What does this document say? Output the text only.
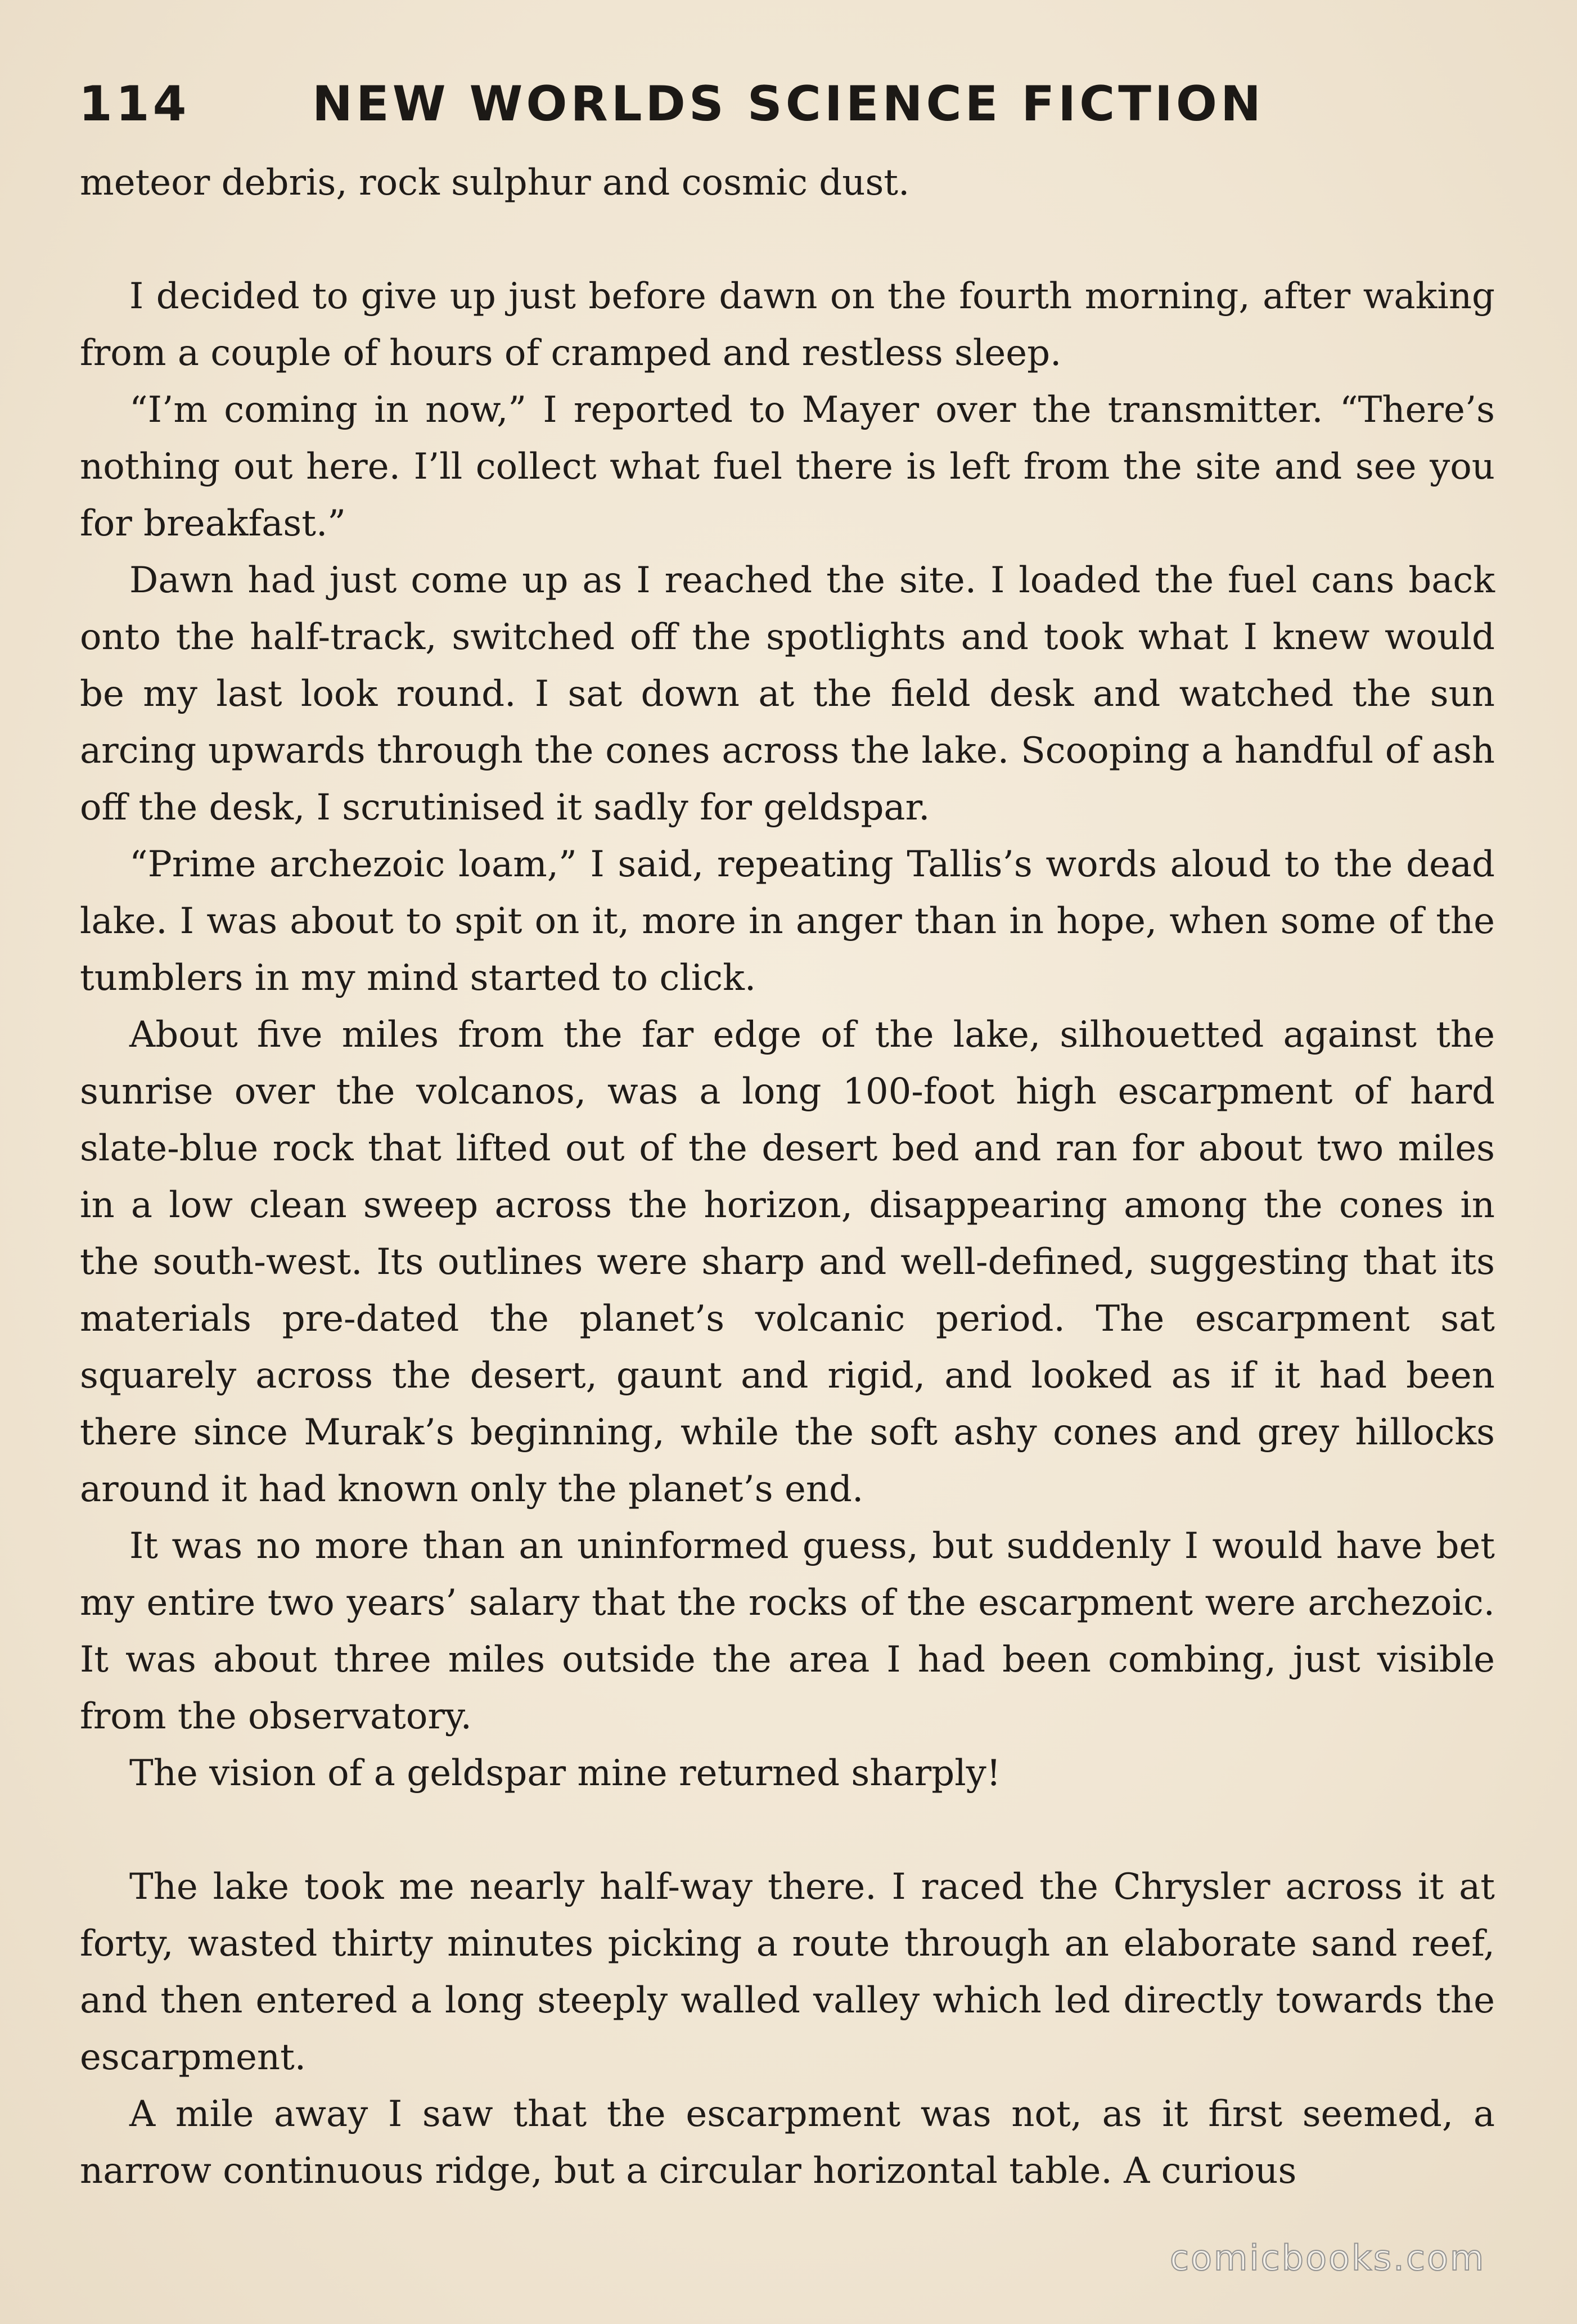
114	NEW WORLDS SCIENCE FICTION

meteor debris, rock sulphur and cosmic dust.

I decided to give up just before dawn on the fourth morning, after waking from a couple of hours of cramped and restless sleep.

“I’m coming in now,” I reported to Mayer over the transmitter. “There’s nothing out here. I’ll collect what fuel there is left from the site and see you for breakfast.”

Dawn had just come up as I reached the site. I loaded the fuel cans back onto the half-track, switched off the spotlights and took what I knew would be my last look round. I sat down at the field desk and watched the sun arcing upwards through the cones across the lake. Scooping a handful of ash off the desk, I scrutinised it sadly for geldspar.

“Prime archezoic loam,” I said, repeating Tallis’s words aloud to the dead lake. I was about to spit on it, more in anger than in hope, when some of the tumblers in my mind started to click.

About five miles from the far edge of the lake, silhouetted against the sunrise over the volcanos, was a long 100-foot high escarpment of hard slate-blue rock that lifted out of the desert bed and ran for about two miles in a low clean sweep across the horizon, disappearing among the cones in the south-west. Its outlines were sharp and well-defined, suggesting that its materials pre-dated the planet’s volcanic period. The escarpment sat squarely across the desert, gaunt and rigid, and looked as if it had been there since Murak’s beginning, while the soft ashy cones and grey hillocks around it had known only the planet’s end.

It was no more than an uninformed guess, but suddenly I would have bet my entire two years’ salary that the rocks of the escarpment were archezoic. It was about three miles outside the area I had been combing, just visible from the observatory.

The vision of a geldspar mine returned sharply!

The lake took me nearly half-way there. I raced the Chrysler across it at forty, wasted thirty minutes picking a route through an elaborate sand reef, and then entered a long steeply walled valley which led directly towards the escarpment.

A mile away I saw that the escarpment was not, as it first seemed, a narrow continuous ridge, but a circular horizontal table. A curious

comicbooks.com
